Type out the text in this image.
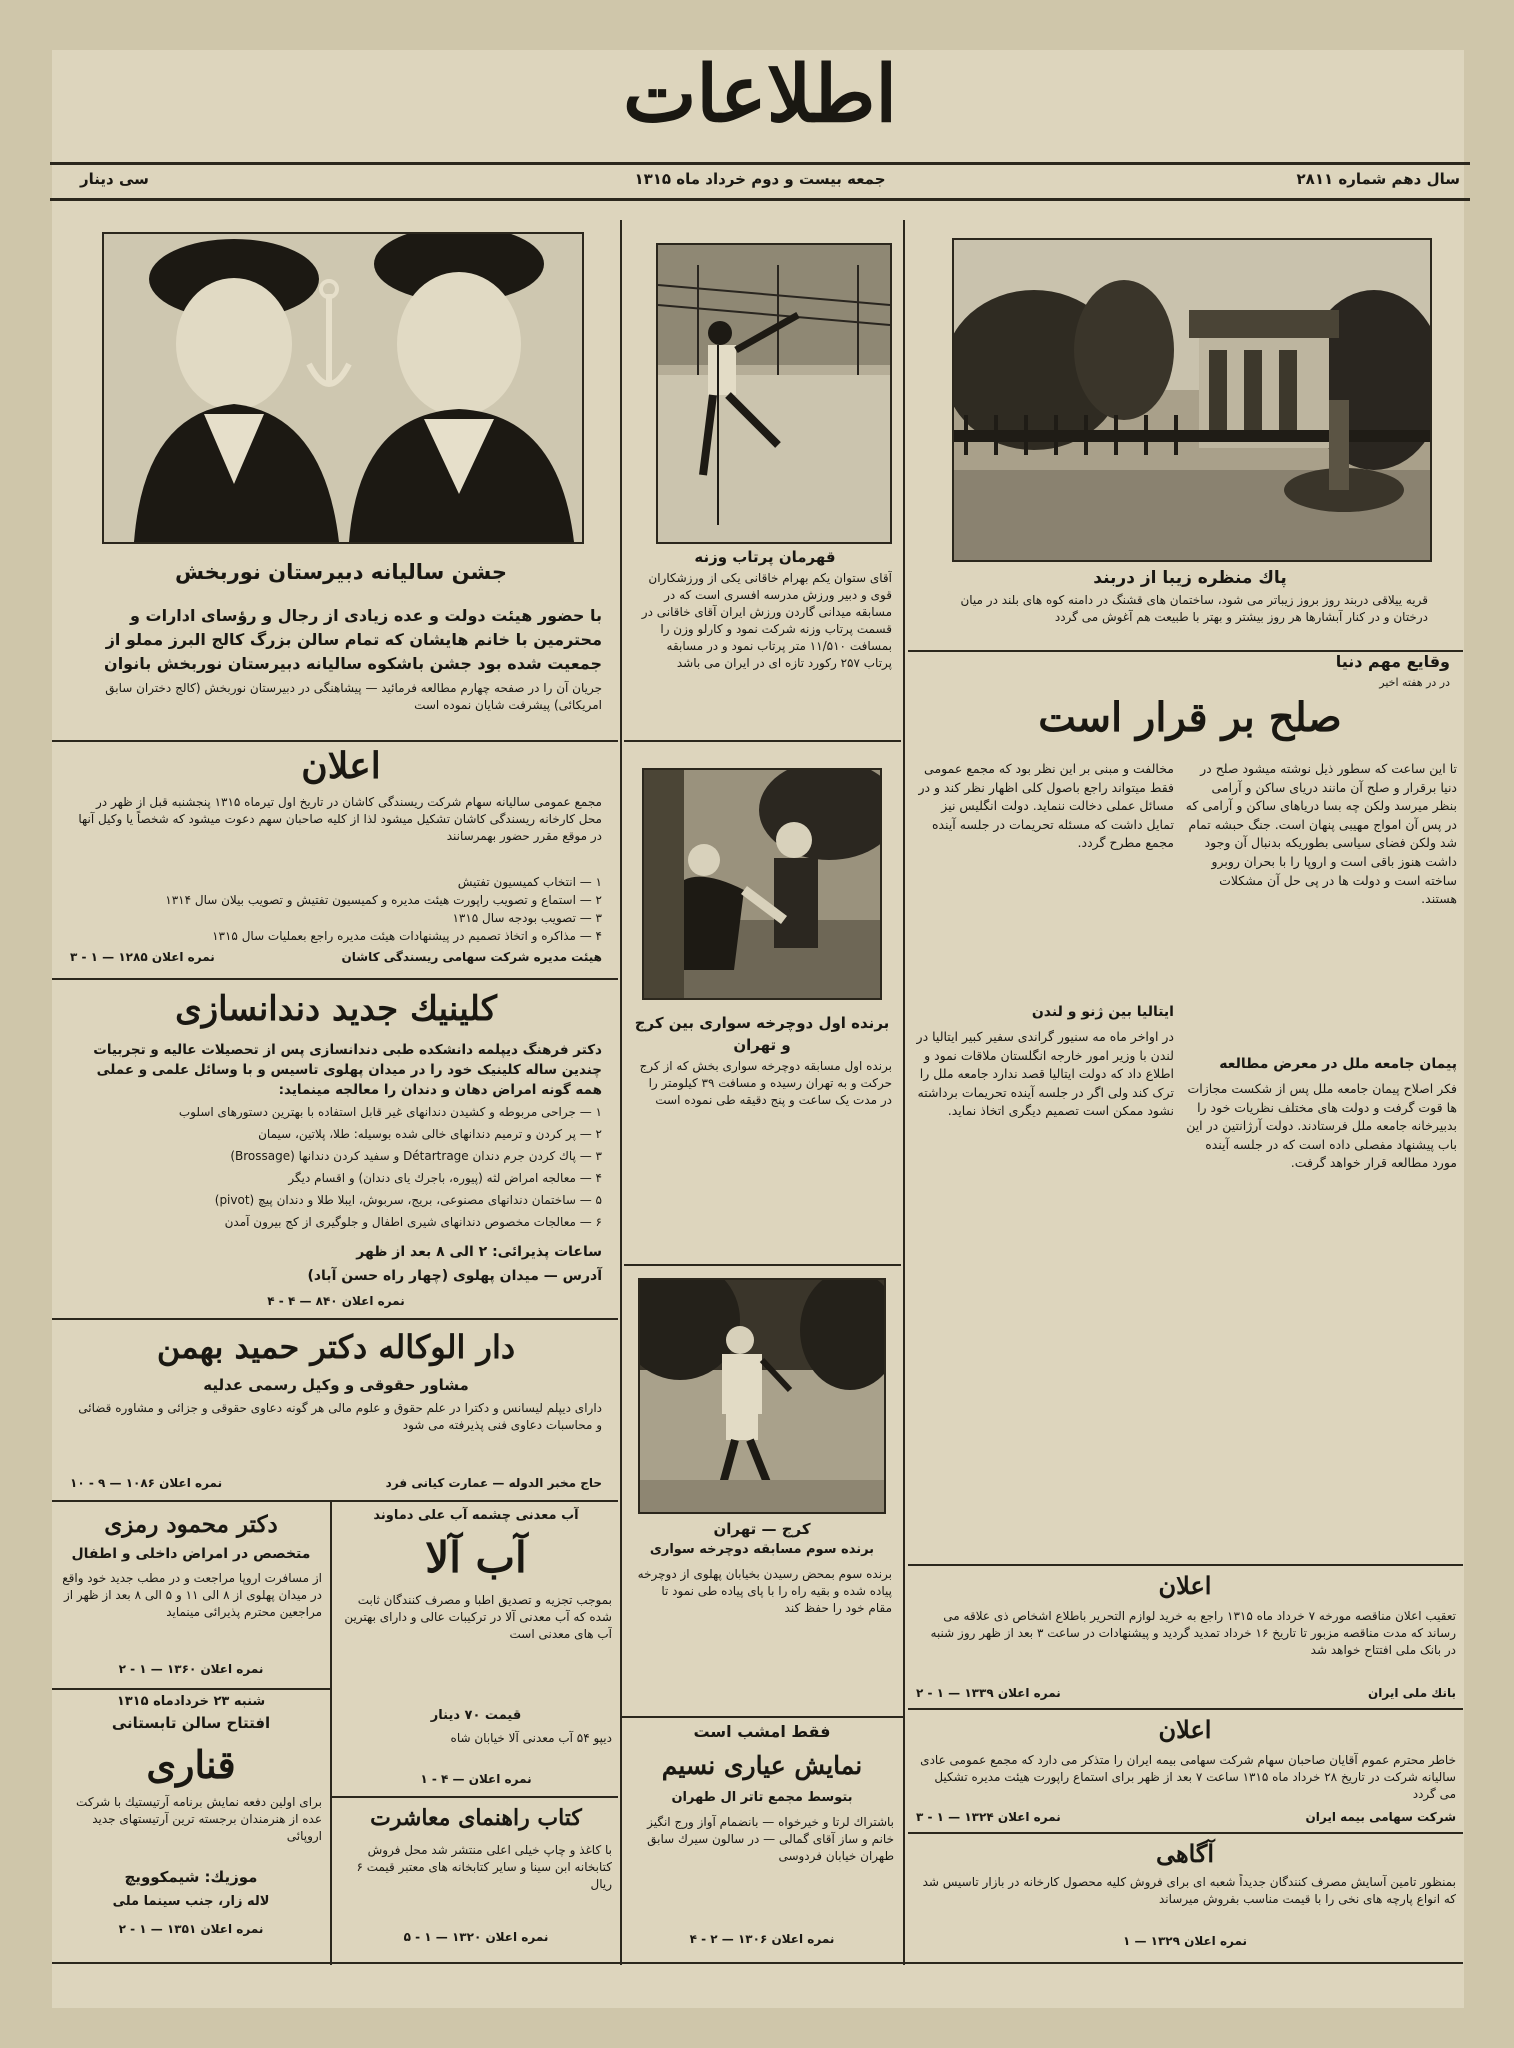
اطلاعات
سال دهم شماره ۲۸۱۱
جمعه بیست و دوم خرداد ماه ۱۳۱۵
سی دینار
پاك منظره زیبا از دربند
قریه ییلاقی دربند روز بروز زیباتر می شود، ساختمان های قشنگ در دامنه کوه های بلند در میان درختان و در کنار آبشارها هر روز بیشتر و بهتر با طبیعت هم آغوش می گردد
قهرمان پرتاب وزنه
آقای ستوان یکم بهرام خاقانی یکی از ورزشکاران قوی و دبیر ورزش مدرسه افسری است که در مسابقه میدانی گاردن ورزش ایران آقای خاقانی در قسمت پرتاب وزنه شرکت نمود و کارلو وزن را بمسافت ۱۱/۵۱۰ متر پرتاب نمود و در مسابقه پرتاب ۲۵۷ رکورد تازه ای در ایران می باشد
جشن سالیانه دبیرستان نوربخش
با حضور هیئت دولت و عده زیادی از رجال و رؤسای ادارات و محترمین با خانم هایشان که تمام سالن بزرگ کالج البرز مملو از جمعیت شده بود جشن باشکوه سالیانه دبیرستان نوربخش بانوان
جریان آن را در صفحه چهارم مطالعه فرمائید — پیشاهنگی در دبیرستان نوربخش (کالج دختران سابق امریکائی) پیشرفت شایان نموده است
وقایع مهم دنیا
در در هفته اخیر
صلح بر قرار است
تا این ساعت که سطور ذیل نوشته میشود صلح در دنیا برقرار و صلح آن مانند دریای ساکن و آرامی بنظر میرسد ولکن چه بسا دریاهای ساکن و آرامی که در پس آن امواج مهیبی پنهان است. جنگ حبشه تمام شد ولکن فضای سیاسی بطوریکه بدنبال آن وجود داشت هنوز باقی است و اروپا را با بحران روبرو ساخته است و دولت ها در پی حل آن مشکلات هستند.
مخالفت و مبنی بر این نظر بود که مجمع عمومی فقط میتواند راجع باصول کلی اظهار نظر کند و در مسائل عملی دخالت ننماید. دولت انگلیس نیز تمایل داشت که مسئله تحریمات در جلسه آینده مجمع مطرح گردد.
ایتالیا بین ژنو و لندن
در اواخر ماه مه سنیور گراندی سفیر کبیر ایتالیا در لندن با وزیر امور خارجه انگلستان ملاقات نمود و اطلاع داد که دولت ایتالیا قصد ندارد جامعه ملل را ترک کند ولی اگر در جلسه آینده تحریمات برداشته نشود ممکن است تصمیم دیگری اتخاذ نماید.
پیمان جامعه ملل در معرض مطالعه
فکر اصلاح پیمان جامعه ملل پس از شکست مجازات ها قوت گرفت و دولت های مختلف نظریات خود را بدبیرخانه جامعه ملل فرستادند. دولت آرژانتین در این باب پیشنهاد مفصلی داده است که در جلسه آینده مورد مطالعه قرار خواهد گرفت.
اعلان
مجمع عمومی سالیانه سهام شرکت ریسندگی کاشان در تاریخ اول تیرماه ۱۳۱۵ پنجشنبه قبل از ظهر در محل کارخانه ریسندگی کاشان تشکیل میشود لذا از کلیه صاحبان سهم دعوت میشود که شخصاً یا وکیل آنها در موقع مقرر حضور بهمرسانند
۱ — انتخاب کمیسیون تفتیش
۲ — استماع و تصویب راپورت هیئت مدیره و کمیسیون تفتیش و تصویب بیلان سال ۱۳۱۴
۳ — تصویب بودجه سال ۱۳۱۵
۴ — مذاکره و اتخاذ تصمیم در پیشنهادات هیئت مدیره راجع بعملیات سال ۱۳۱۵
هیئت مدیره شرکت سهامی ریسندگی کاشان
نمره اعلان ۱۲۸۵ — ۱ - ۳
کلینیك جدید دندانسازی
دکتر فرهنگ دیپلمه دانشکده طبی دندانسازی پس از تحصیلات عالیه و تجربیات چندین ساله کلینیک خود را در میدان پهلوی تاسیس و با وسائل علمی و عملی همه گونه امراض دهان و دندان را معالجه مینماید:
۱ — جراحی مربوطه و کشیدن دندانهای غیر قابل استفاده با بهترین دستورهای اسلوب
۲ — پر کردن و ترمیم دندانهای خالی شده بوسیله: طلا، پلاتین، سیمان
۳ — پاك كردن جرم دندان Détartrage و سفید کردن دندانها (Brossage)
۴ — معالجه امراض لثه (پیوره، باجرك یای دندان) و اقسام دیگر
۵ — ساختمان دندانهای مصنوعی، بریج، سربوش، ایبلا طلا و دندان پیچ (pivot)
۶ — معالجات مخصوص دندانهای شیری اطفال و جلوگیری از کج بیرون آمدن
ساعات پذیرائی: ۲ الی ۸ بعد از ظهر
آدرس — میدان پهلوی (چهار راه حسن آباد)
نمره اعلان ۸۴۰ — ۴ - ۴
دار الوکاله دکتر حمید بهمن
مشاور حقوقی و وکیل رسمی عدلیه
دارای دیپلم لیسانس و دکترا در علم حقوق و علوم مالی هر گونه دعاوی حقوقی و جزائی و مشاوره قضائی و محاسبات دعاوی فنی پذیرفته می شود
حاج مخبر الدوله — عمارت کیانی فرد
نمره اعلان ۱۰۸۶ — ۹ - ۱۰
دکتر محمود رمزی
متخصص در امراض داخلی و اطفال
از مسافرت اروپا مراجعت و در مطب جدید خود واقع در میدان پهلوی از ۸ الی ۱۱ و ۵ الی ۸ بعد از ظهر از مراجعین محترم پذیرائی مینماید
نمره اعلان ۱۳۶۰ — ۱ - ۲
شنبه ۲۳ خردادماه ۱۳۱۵
افتتاح سالن تابستانی
قناری
برای اولین دفعه نمایش برنامه آرتیستیك با شرکت عده از هنرمندان برجسته ترین آرتیستهای جدید اروپائی
موزیك: شیمكوویچ
لاله زار، جنب سینما ملی
نمره اعلان ۱۳۵۱ — ۱ - ۲
آب معدنی چشمه آب علی دماوند
آب آلا
بموجب تجزیه و تصدیق اطبا و مصرف کنندگان ثابت شده که آب معدنی آلا در ترکیبات عالی و دارای بهترین آب های معدنی است
قیمت ۷۰ دینار
دیپو ۵۴ آب معدنی آلا خیابان شاه
نمره اعلان — ۴ - ۱
کتاب راهنمای معاشرت
با کاغذ و چاپ خیلی اعلی منتشر شد محل فروش کتابخانه ابن سینا و سایر کتابخانه های معتبر قیمت ۶ ریال
نمره اعلان ۱۳۲۰ — ۱ - ۵
برنده اول دوچرخه سواری بین کرج و تهران
برنده اول مسابقه دوچرخه سواری بخش که از کرج حرکت و به تهران رسیده و مسافت ۳۹ کیلومتر را در مدت یک ساعت و پنج دقیقه طی نموده است
کرج — تهران
برنده سوم مسابقه دوچرخه سواری
برنده سوم بمحض رسیدن بخیابان پهلوی از دوچرخه پیاده شده و بقیه راه را با پای پیاده طی نمود تا مقام خود را حفظ کند
فقط امشب است
نمایش عیاری نسیم
بتوسط مجمع تاتر ال طهران
باشتراك لرتا و خیرخواه — بانضمام آواز ورج انگیز خانم و ساز آقای گمالی — در سالون سیرك سابق طهران خیابان فردوسی
نمره اعلان ۱۳۰۶ — ۲ - ۴
اعلان
تعقیب اعلان مناقصه مورخه ۷ خرداد ماه ۱۳۱۵ راجع به خرید لوازم التحریر باطلاع اشخاص ذی علاقه می رساند که مدت مناقصه مزبور تا تاریخ ۱۶ خرداد تمدید گردید و پیشنهادات در ساعت ۳ بعد از ظهر روز شنبه در بانک ملی افتتاح خواهد شد
بانك ملی ایران
نمره اعلان ۱۳۳۹ — ۱ - ۲
اعلان
خاطر محترم عموم آقایان صاحبان سهام شرکت سهامی بیمه ایران را متذکر می دارد که مجمع عمومی عادی سالیانه شرکت در تاریخ ۲۸ خرداد ماه ۱۳۱۵ ساعت ۷ بعد از ظهر برای استماع راپورت هیئت مدیره تشکیل می گردد
شرکت سهامی بیمه ایران
نمره اعلان ۱۳۲۴ — ۱ - ۳
آگاهی
بمنظور تامین آسایش مصرف کنندگان جدیداً شعبه ای برای فروش کلیه محصول کارخانه در بازار تاسیس شد که انواع پارچه های نخی را با قیمت مناسب بفروش میرساند
نمره اعلان ۱۳۲۹ — ۱
